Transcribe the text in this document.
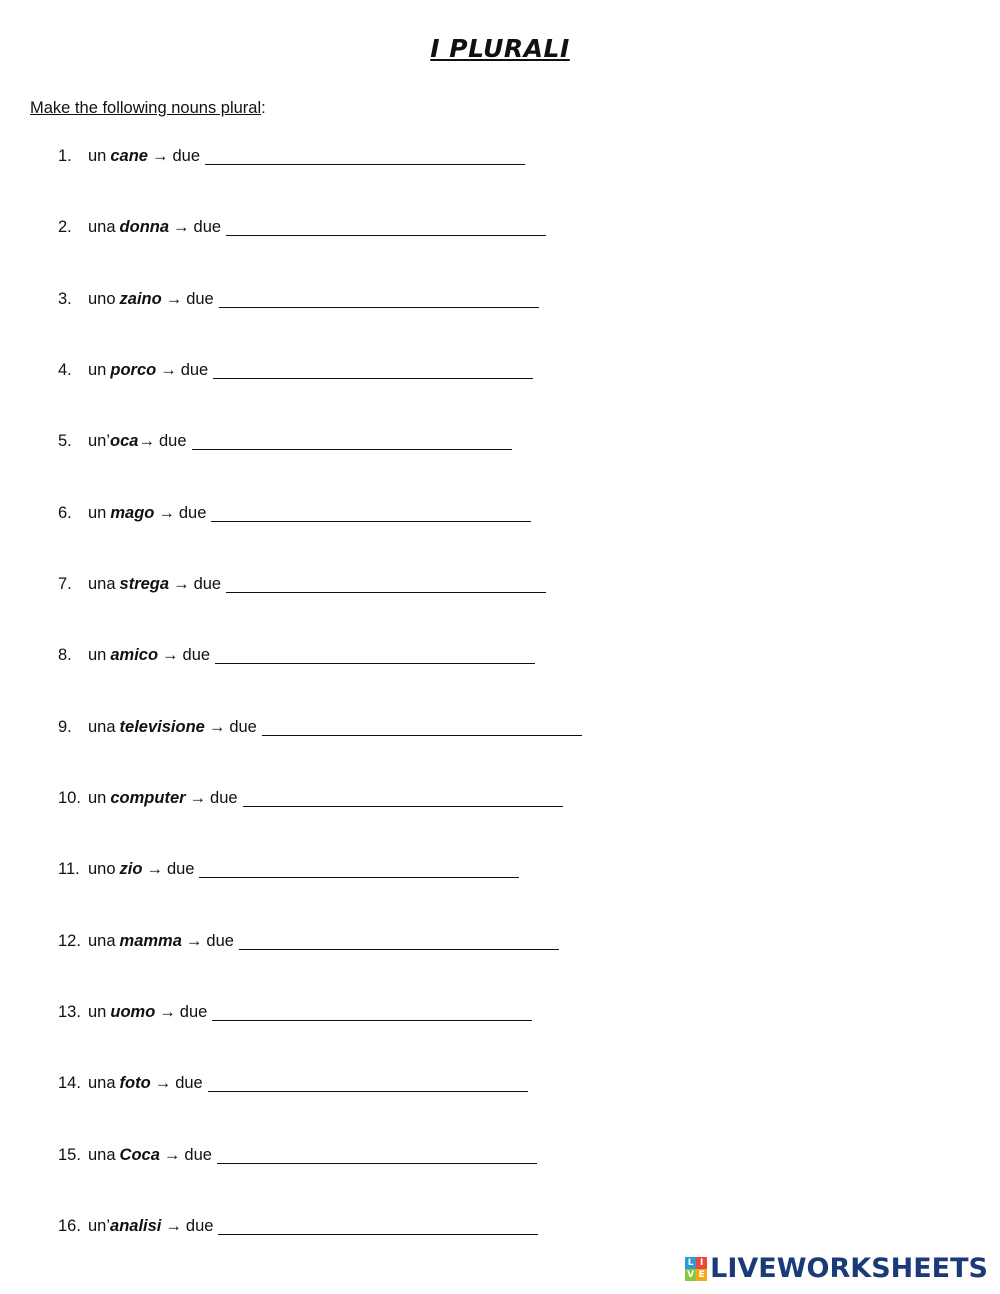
I PLURALI

Make the following nouns plural:

1. un cane → due
2. una donna → due
3. uno zaino → due
4. un porco → due
5. un’ oca → due
6. un mago → due
7. una strega → due
8. un amico → due
9. una televisione → due
10. un computer → due
11. uno zio → due
12. una mamma → due
13. un uomo → due
14. una foto → due
15. una Coca → due
16. un’ analisi → due
L I
V E LIVEWORKSHEETS
